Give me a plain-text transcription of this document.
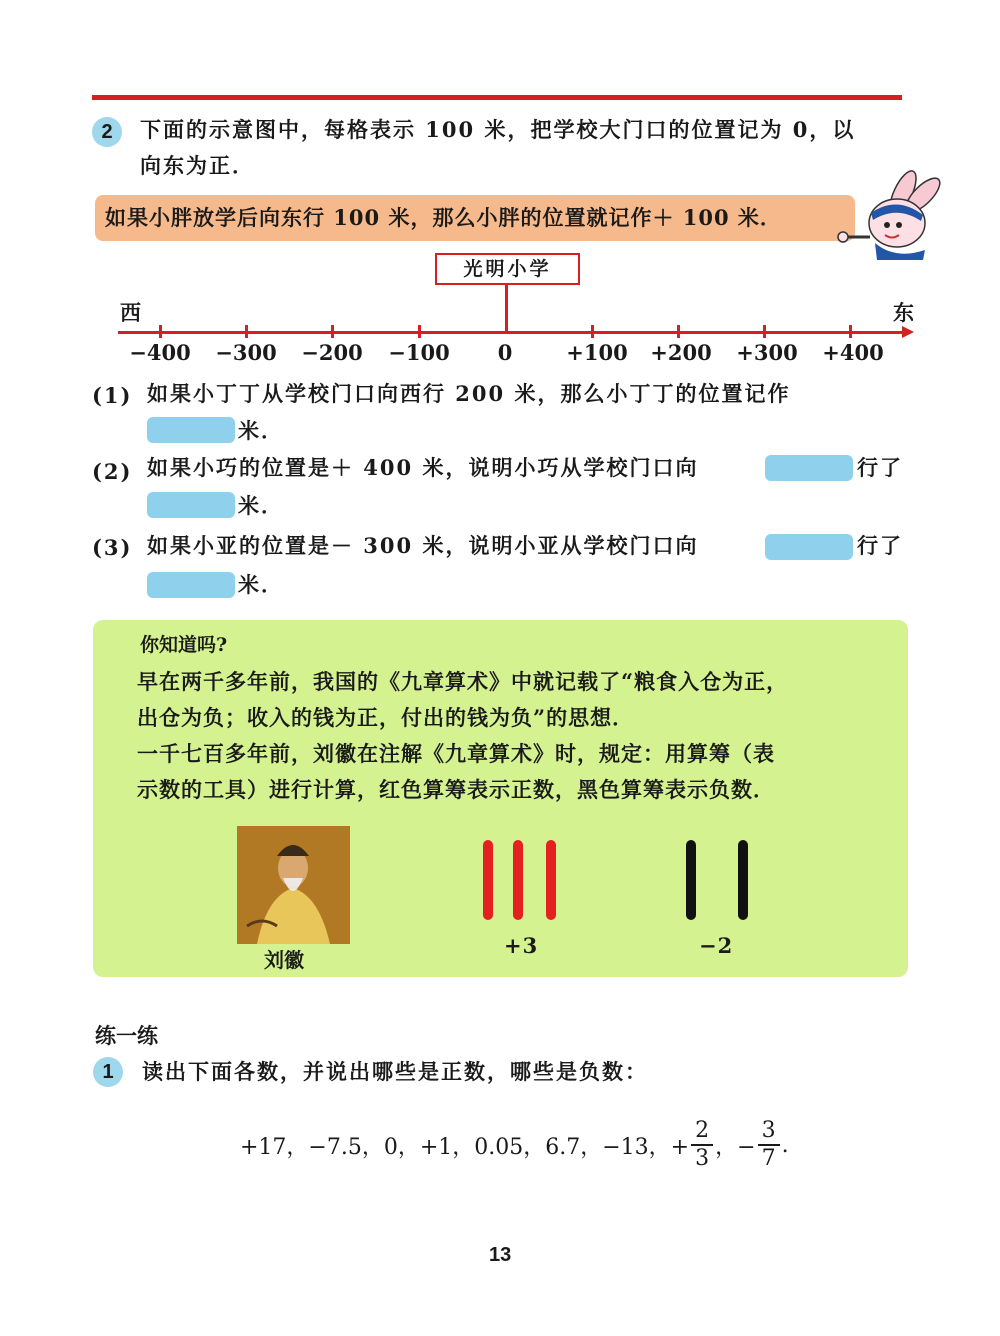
2	下面的示意图中，每格表示 100 米，把学校大门口的位置记为 0，以
向东为正．
如果小胖放学后向东行 100 米，那么小胖的位置就记作＋ 100 米．
光明小学
西	东
−400	−300	−200	−100	0	+100	+200	+300	+400
(1) 如果小丁丁从学校门口向西行 200 米，那么小丁丁的位置记作
米．
(2) 如果小巧的位置是＋ 400 米，说明小巧从学校门口向	行了
米．
(3) 如果小亚的位置是－ 300 米，说明小亚从学校门口向	行了
米．
你知道吗?
早在两千多年前，我国的《九章算术》中就记载了“粮食入仓为正，
出仓为负；收入的钱为正，付出的钱为负”的思想．
一千七百多年前，刘徽在注解《九章算术》时，规定：用算筹（表
示数的工具）进行计算，红色算筹表示正数，黑色算筹表示负数．
刘徽
+3	−2
练一练
1	读出下面各数，并说出哪些是正数，哪些是负数：
+17，−7.5，0，+1，0.05，6.7，−13，+ $\frac{2}{3}$ ，− $\frac{3}{7}$ .
13
